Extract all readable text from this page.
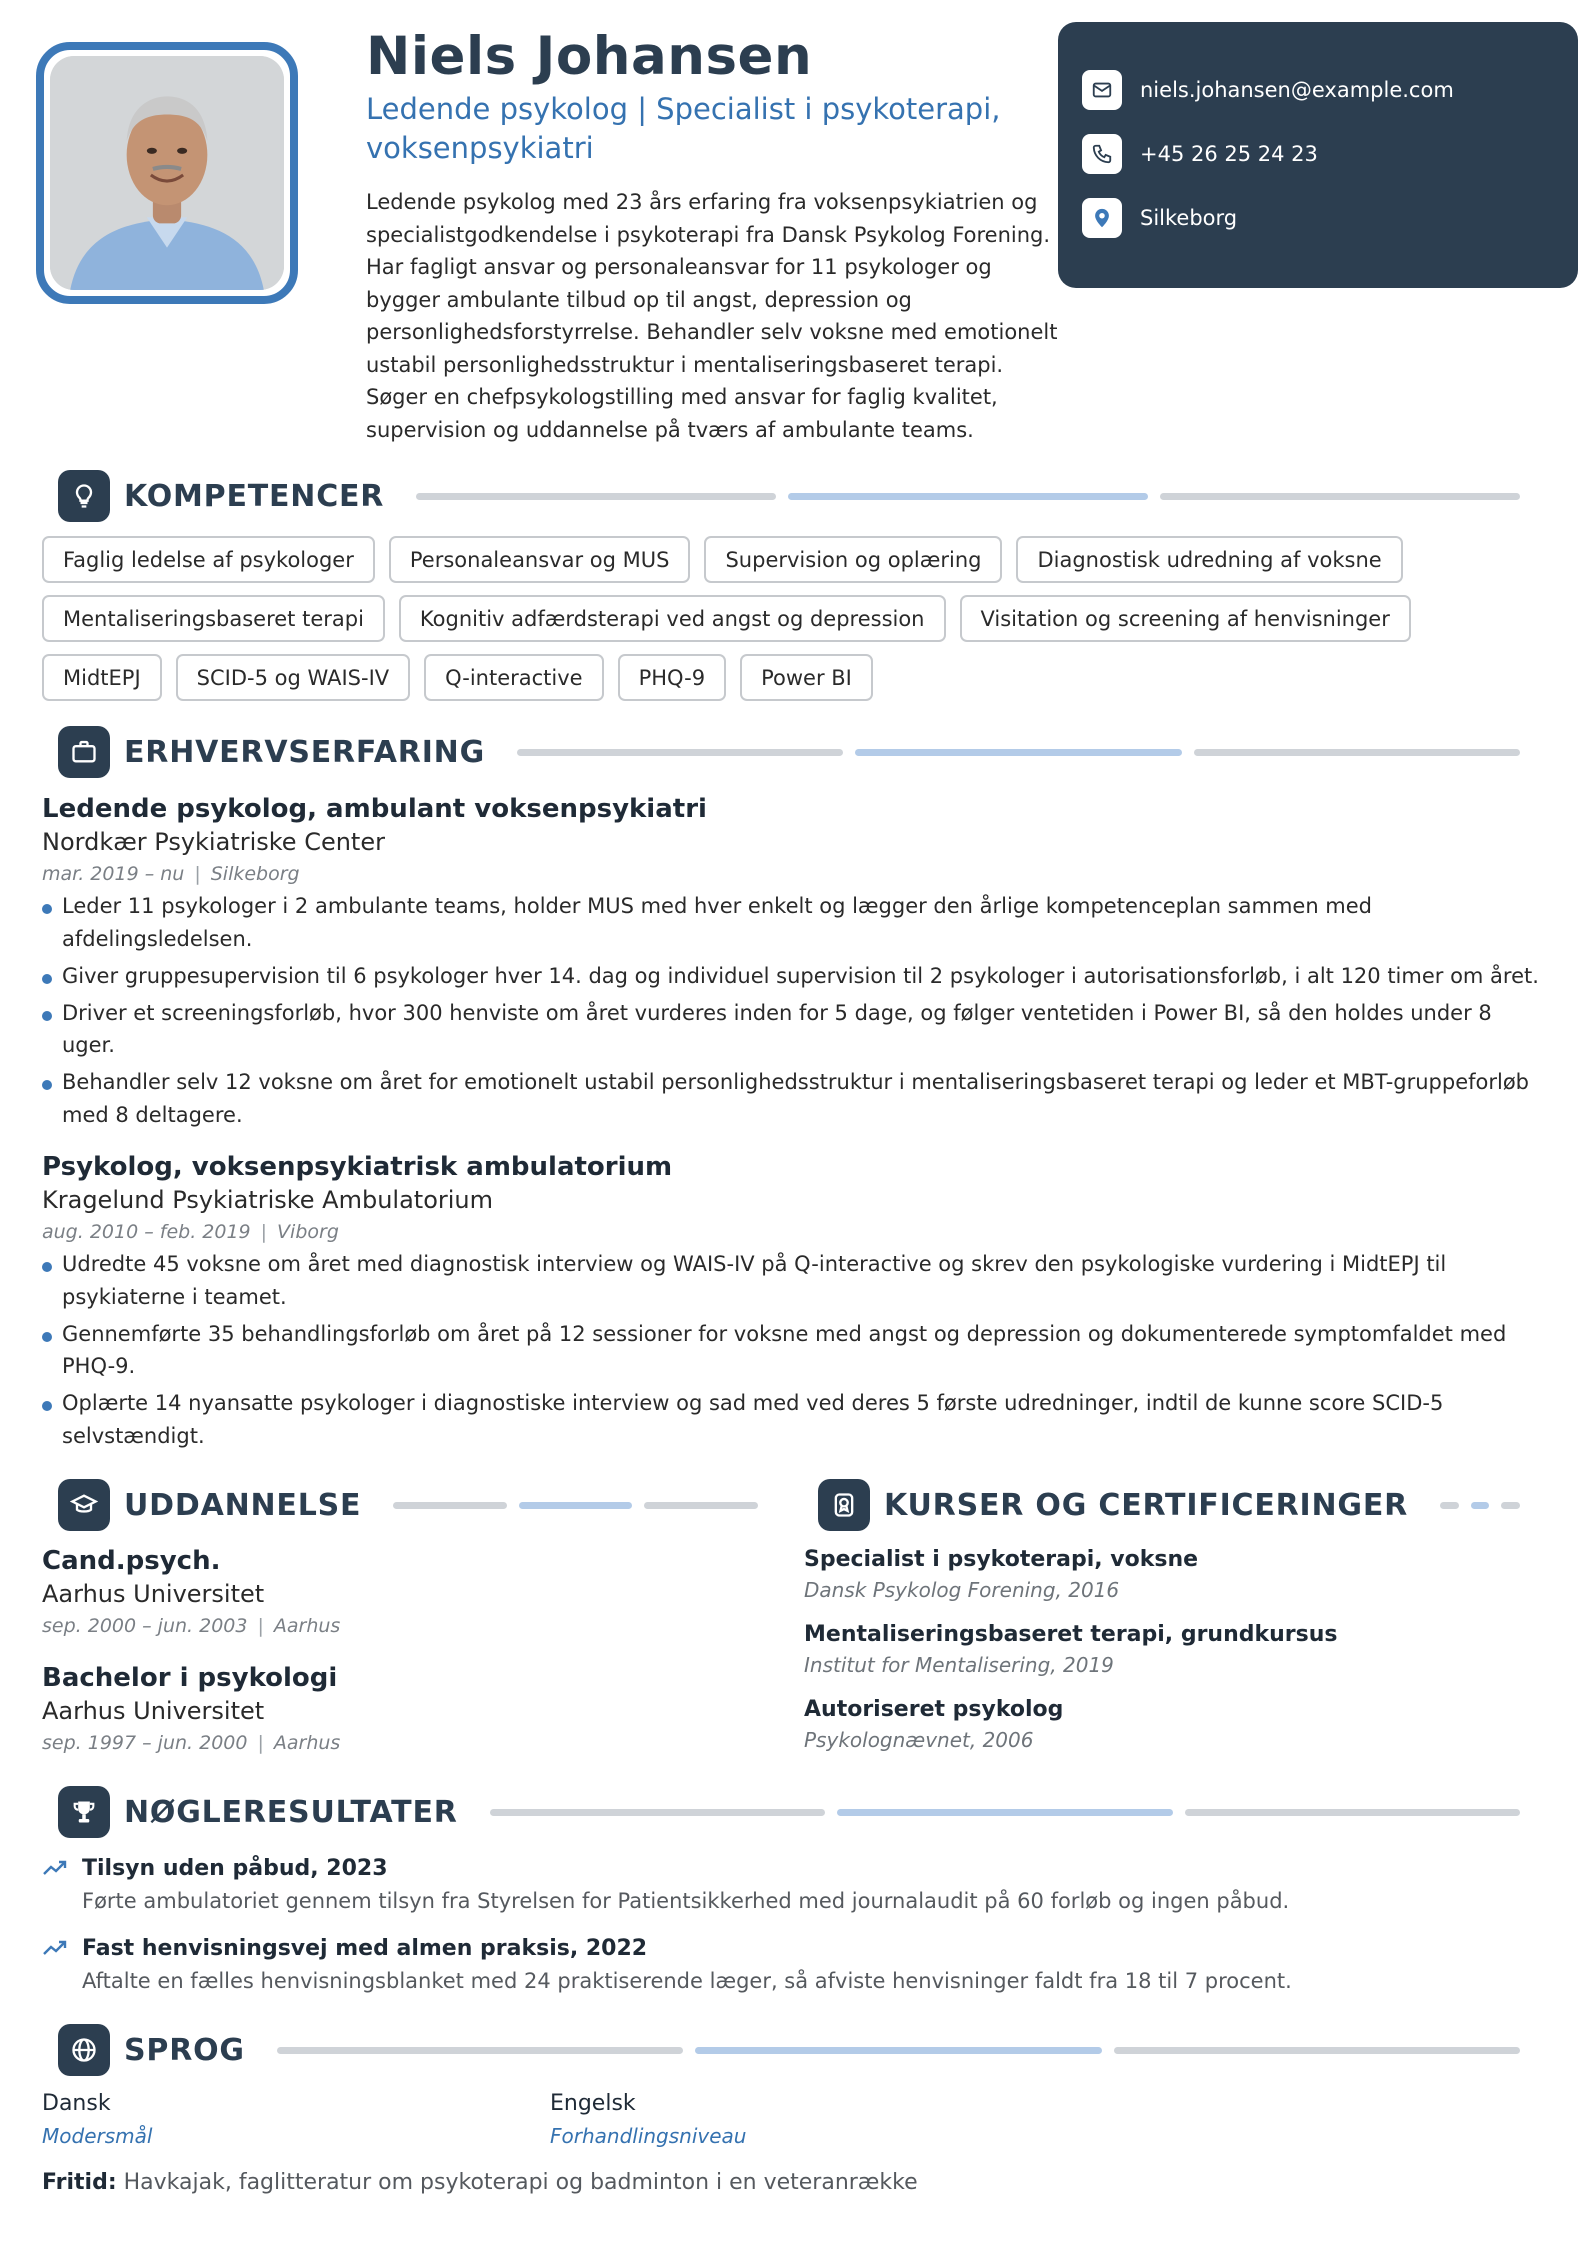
Niels Johansen
Ledende psykolog | Specialist i psykoterapi, voksenpsykiatri
Ledende psykolog med 23 års erfaring fra voksenpsykiatrien og specialistgodkendelse i psykoterapi fra Dansk Psykolog Forening. Har fagligt ansvar og personaleansvar for 11 psykologer og bygger ambulante tilbud op til angst, depression og personlighedsforstyrrelse. Behandler selv voksne med emotionelt ustabil personlighedsstruktur i mentaliseringsbaseret terapi. Søger en chefpsykologstilling med ansvar for faglig kvalitet, supervision og uddannelse på tværs af ambulante teams.
niels.johansen@example.com
+45 26 25 24 23
Silkeborg
KOMPETENCER
Faglig ledelse af psykologer	Personaleansvar og MUS	Supervision og oplæring	Diagnostisk udredning af voksne
Mentaliseringsbaseret terapi	Kognitiv adfærdsterapi ved angst og depression	Visitation og screening af henvisninger
MidtEPJ	SCID-5 og WAIS-IV	Q-interactive	PHQ-9	Power BI
ERHVERVSERFARING
Ledende psykolog, ambulant voksenpsykiatri
Nordkær Psykiatriske Center
mar. 2019 – nu | Silkeborg
Leder 11 psykologer i 2 ambulante teams, holder MUS med hver enkelt og lægger den årlige kompetenceplan sammen med afdelingsledelsen.
Giver gruppesupervision til 6 psykologer hver 14. dag og individuel supervision til 2 psykologer i autorisationsforløb, i alt 120 timer om året.
Driver et screeningsforløb, hvor 300 henviste om året vurderes inden for 5 dage, og følger ventetiden i Power BI, så den holdes under 8 uger.
Behandler selv 12 voksne om året for emotionelt ustabil personlighedsstruktur i mentaliseringsbaseret terapi og leder et MBT-gruppeforløb med 8 deltagere.
Psykolog, voksenpsykiatrisk ambulatorium
Kragelund Psykiatriske Ambulatorium
aug. 2010 – feb. 2019 | Viborg
Udredte 45 voksne om året med diagnostisk interview og WAIS-IV på Q-interactive og skrev den psykologiske vurdering i MidtEPJ til psykiaterne i teamet.
Gennemførte 35 behandlingsforløb om året på 12 sessioner for voksne med angst og depression og dokumenterede symptomfaldet med PHQ-9.
Oplærte 14 nyansatte psykologer i diagnostiske interview og sad med ved deres 5 første udredninger, indtil de kunne score SCID-5 selvstændigt.
UDDANNELSE
Cand.psych.
Aarhus Universitet
sep. 2000 – jun. 2003 | Aarhus
Bachelor i psykologi
Aarhus Universitet
sep. 1997 – jun. 2000 | Aarhus
KURSER OG CERTIFICERINGER
Specialist i psykoterapi, voksne
Dansk Psykolog Forening, 2016
Mentaliseringsbaseret terapi, grundkursus
Institut for Mentalisering, 2019
Autoriseret psykolog
Psykolognævnet, 2006
NØGLERESULTATER
Tilsyn uden påbud, 2023
Førte ambulatoriet gennem tilsyn fra Styrelsen for Patientsikkerhed med journalaudit på 60 forløb og ingen påbud.
Fast henvisningsvej med almen praksis, 2022
Aftalte en fælles henvisningsblanket med 24 praktiserende læger, så afviste henvisninger faldt fra 18 til 7 procent.
SPROG
Dansk
Modersmål
Engelsk
Forhandlingsniveau
Fritid: Havkajak, faglitteratur om psykoterapi og badminton i en veteranrække
